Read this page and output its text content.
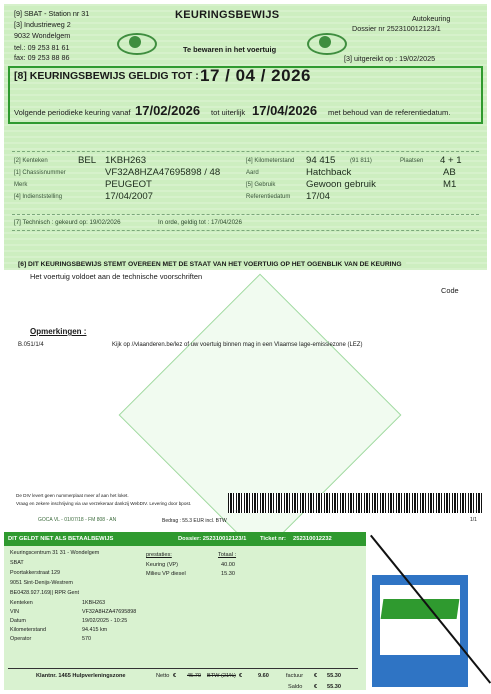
[9] SBAT - Station nr 31
[3] Industrieweg 2
9032 Wondelgem
tel.: 09 253 81 61
fax: 09 253 88 86
KEURINGSBEWIJS
Te bewaren in het voertuig
Autokeuring
Dossier nr 252310012123/1
[3] uitgereikt op : 19/02/2025
[8] KEURINGSBEWIJS GELDIG TOT : 17 / 04 / 2026
Volgende periodieke keuring vanaf 17/02/2026 tot uiterlijk 17/04/2026 met behoud van de referentiedatum.
[2] Kenteken	BEL 1KBH263
[1] Chassisnummer	VF32A8HZA47695898 / 48
Merk	PEUGEOT
[4] Indienststelling	17/04/2007
[4] Kilometerstand 94 415 (91 811)	Plaatsen 4 + 1
Aard	Hatchback	AB
[5] Gebruik	Gewoon gebruik	M1
Referentiedatum 17/04
[7] Technisch : gekeurd op: 19/02/2026	In orde, geldig tot : 17/04/2026
[6] DIT KEURINGSBEWIJS STEMT OVEREEN MET DE STAAT VAN HET VOERTUIG OP HET OGENBLIK VAN DE KEURING
Het voertuig voldoet aan de technische voorschriften
Code
Opmerkingen :
B.051/1/4	Kijk op //vlaanderen.be/lez of uw voertuig binnen mag in een Vlaamse lage-emissiezone (LEZ)
De DIV levert geen nummerplaat meer af aan het loket.
Vraag en zekere inschrijving via uw verzekeraar dankzij WebDIV. Levering door bpost.
GOCA VL - 01/07/18 - FM 808 - AN	Bedrag : 55.3 EUR incl. BTW	1/1
DIT GELDT NIET ALS BETAALBEWIJS	Dossier: 252310012123/1 Ticket nr: 252310012232
Keuringscentrum 31 31 - Wondelgem
SBAT
Poortakkerstraat 129
9051 Sint-Denijs-Westrem
BE0428.927.169|| RPR Gent
Kenteken	1KBH263
VIN	VF32A8HZA47695898
Datum	19/02/2025 - 10:25
Kilometerstand	94.415 km
Operator	570
prestaties:	Totaal :
Keuring (VP)	40.00
Milieu VP diesel	15.30
Klantnr. 1465 Hulpverleningszone	Netto € 45.70 BTW (21%) €	9.60	factuur € 55.30
Saldo € 55.30
